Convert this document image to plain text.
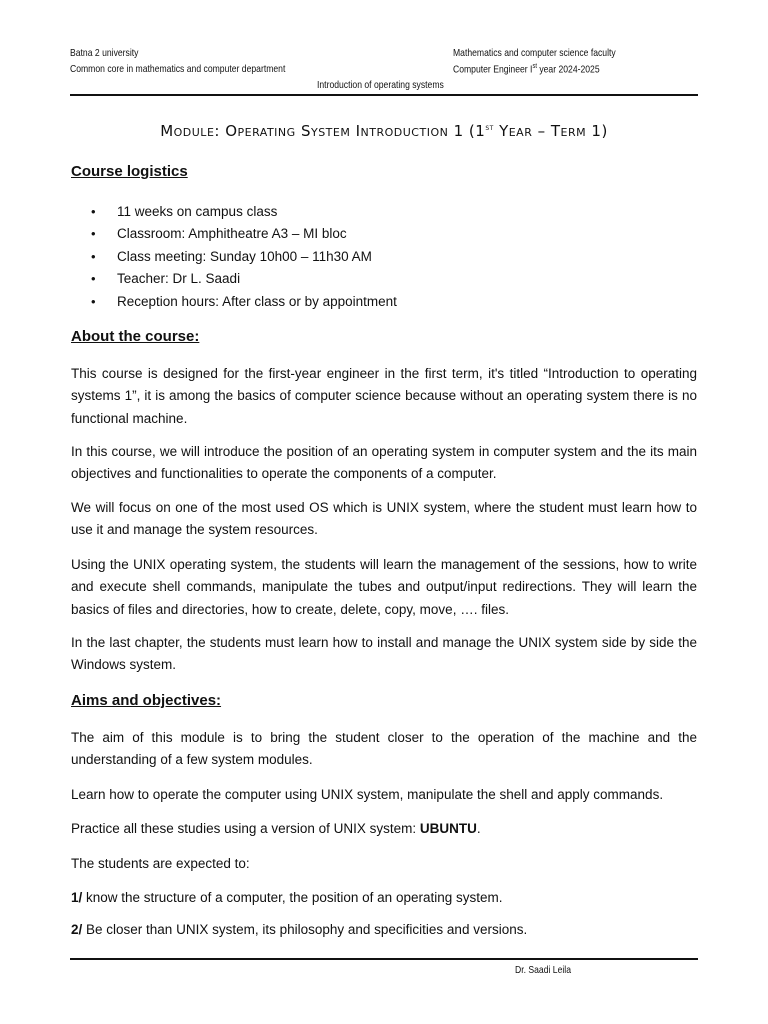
Batna 2 university
Common core in mathematics and computer department
Mathematics and computer science faculty
Computer Engineer Ist year 2024-2025
Introduction of operating systems
Module: Operating System Introduction 1 (1st Year – Term 1)
Course logistics
• 11 weeks on campus class
• Classroom: Amphitheatre A3 – MI bloc
• Class meeting: Sunday 10h00 – 11h30 AM
• Teacher: Dr L. Saadi
• Reception hours: After class or by appointment
About the course:

This course is designed for the first-year engineer in the first term, it's titled “Introduction to operating systems 1”, it is among the basics of computer science because without an operating system there is no functional machine.

In this course, we will introduce the position of an operating system in computer system and the its main objectives and functionalities to operate the components of a computer.

We will focus on one of the most used OS which is UNIX system, where the student must learn how to use it and manage the system resources.

Using the UNIX operating system, the students will learn the management of the sessions, how to write and execute shell commands, manipulate the tubes and output/input redirections. They will learn the basics of files and directories, how to create, delete, copy, move, …. files.

In the last chapter, the students must learn how to install and manage the UNIX system side by side the Windows system.

Aims and objectives:

The aim of this module is to bring the student closer to the operation of the machine and the understanding of a few system modules.

Learn how to operate the computer using UNIX system, manipulate the shell and apply commands.

Practice all these studies using a version of UNIX system: UBUNTU.

The students are expected to:

1/ know the structure of a computer, the position of an operating system.

2/ Be closer than UNIX system, its philosophy and specificities and versions.

Dr. Saadi Leila
